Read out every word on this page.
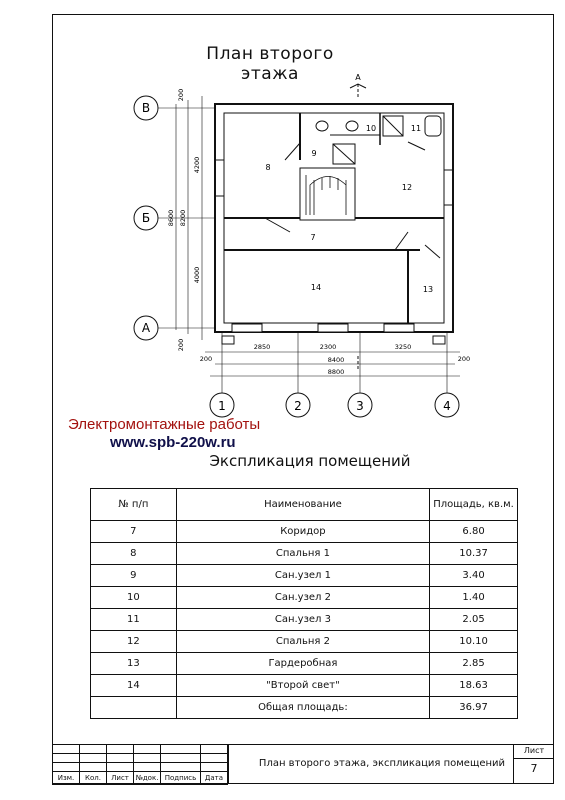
План второго этажа
В
Б
А
1	2	3	4
А
8
9
10	11
12
7
14	13
200
4200
4000
200
8600 8200
200
2850	2300	3250
200
8400
8800
Электромонтажные работы
www.spb-220w.ru
Экспликация помещений
№ п/п	Наименование	Площадь, кв.м.
7	Коридор	6.80
8	Спальня 1	10.37
9	Сан.узел 1	3.40
10	Сан.узел 2	1.40
11	Сан.узел 3	2.05
12	Спальня 2	10.10
13	Гардеробная	2.85
14	"Второй свет"	18.63
	Общая площадь:	36.97

Изм.	Кол.	Лист	№док.	Подпись	Дата
План второго этажа, экспликация помещений
Лист
7
